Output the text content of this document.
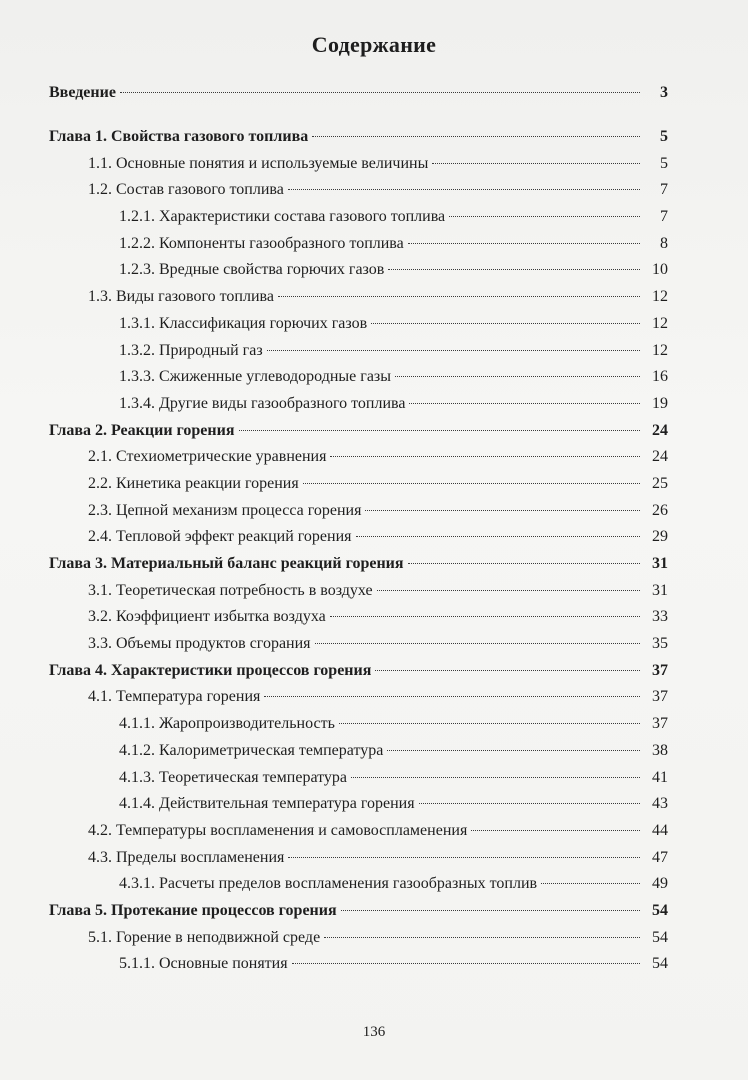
Содержание
Введение	3
Глава 1. Свойства газового топлива	5
1.1. Основные понятия и используемые величины	5
1.2. Состав газового топлива	7
1.2.1. Характеристики состава газового топлива	7
1.2.2. Компоненты газообразного топлива	8
1.2.3. Вредные свойства горючих газов	10
1.3. Виды газового топлива	12
1.3.1. Классификация горючих газов	12
1.3.2. Природный газ	12
1.3.3. Сжиженные углеводородные газы	16
1.3.4. Другие виды газообразного топлива	19
Глава 2. Реакции горения	24
2.1. Стехиометрические уравнения	24
2.2. Кинетика реакции горения	25
2.3. Цепной механизм процесса горения	26
2.4. Тепловой эффект реакций горения	29
Глава 3. Материальный баланс реакций горения	31
3.1. Теоретическая потребность в воздухе	31
3.2. Коэффициент избытка воздуха	33
3.3. Объемы продуктов сгорания	35
Глава 4. Характеристики процессов горения	37
4.1. Температура горения	37
4.1.1. Жаропроизводительность	37
4.1.2. Калориметрическая температура	38
4.1.3. Теоретическая температура	41
4.1.4. Действительная температура горения	43
4.2. Температуры воспламенения и самовоспламенения	44
4.3. Пределы воспламенения	47
4.3.1. Расчеты пределов воспламенения газообразных топлив	49
Глава 5. Протекание процессов горения	54
5.1. Горение в неподвижной среде	54
5.1.1. Основные понятия	54
136
